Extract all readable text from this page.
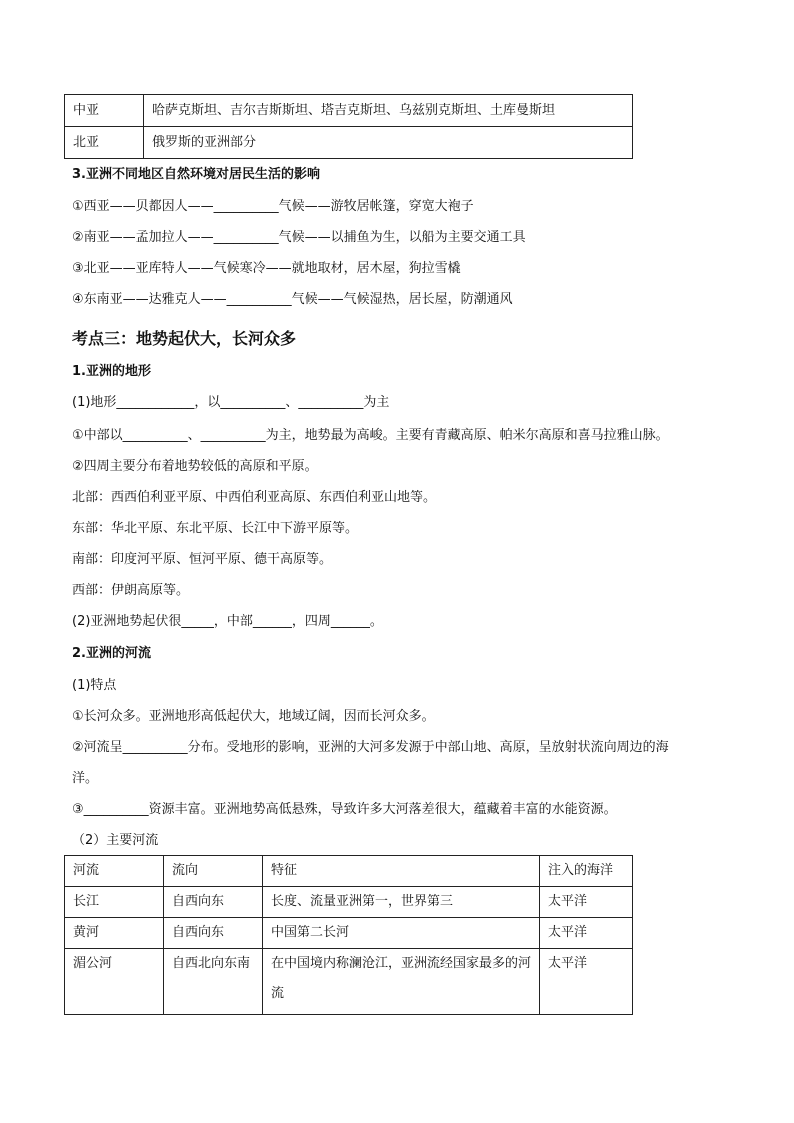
中亚	哈萨克斯坦、吉尔吉斯斯坦、塔吉克斯坦、乌兹别克斯坦、土库曼斯坦
北亚	俄罗斯的亚洲部分
3.亚洲不同地区自然环境对居民生活的影响
①西亚——贝都因人——__________气候——游牧居帐篷，穿宽大袍子
②南亚——孟加拉人——__________气候——以捕鱼为生，以船为主要交通工具
③北亚——亚库特人——气候寒冷——就地取材，居木屋，狗拉雪橇
④东南亚——达雅克人——__________气候——气候湿热，居长屋，防潮通风
考点三：地势起伏大，长河众多
1.亚洲的地形
(1)地形____________，以__________、__________为主
①中部以__________、__________为主，地势最为高峻。主要有青藏高原、帕米尔高原和喜马拉雅山脉。
②四周主要分布着地势较低的高原和平原。
北部：西西伯利亚平原、中西伯利亚高原、东西伯利亚山地等。
东部：华北平原、东北平原、长江中下游平原等。
南部：印度河平原、恒河平原、德干高原等。
西部：伊朗高原等。
(2)亚洲地势起伏很_____，中部______，四周______。
2.亚洲的河流
(1)特点
①长河众多。亚洲地形高低起伏大，地域辽阔，因而长河众多。
②河流呈__________分布。受地形的影响，亚洲的大河多发源于中部山地、高原，呈放射状流向周边的海
洋。
③__________资源丰富。亚洲地势高低悬殊，导致许多大河落差很大，蕴藏着丰富的水能资源。
（2）主要河流
河流	流向	特征	注入的海洋
长江	自西向东	长度、流量亚洲第一，世界第三	太平洋
黄河	自西向东	中国第二长河	太平洋
湄公河	自西北向东南	在中国境内称澜沧江，亚洲流经国家最多的河流	太平洋
